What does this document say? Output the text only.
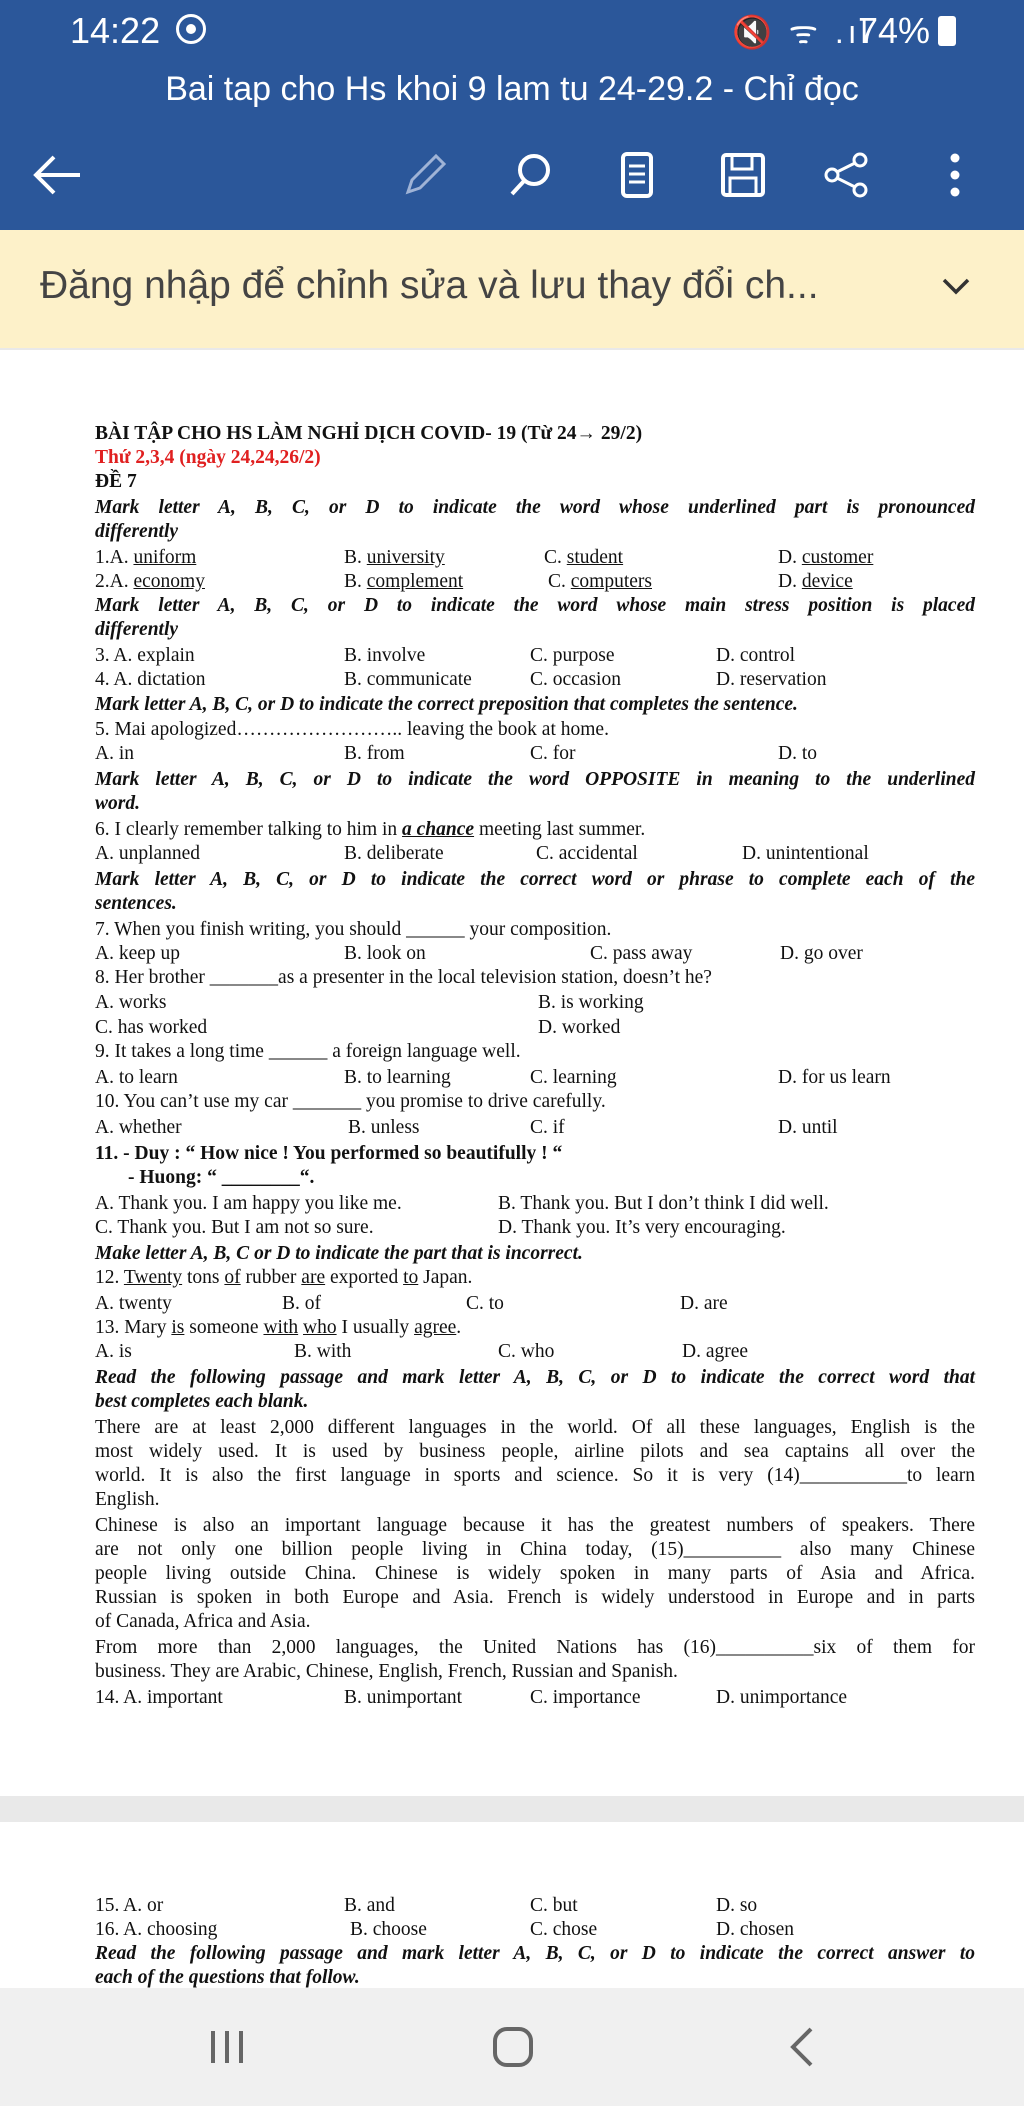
14:22	🔇 ᯤ .ıl
74%
Bai tap cho Hs khoi 9 lam tu 24-29.2 - Chỉ đọc
Đăng nhập để chỉnh sửa và lưu thay đổi ch...
BÀI TẬP CHO HS LÀM NGHỈ DỊCH COVID- 19 (Từ 24→ 29/2)
Thứ 2,3,4 (ngày 24,24,26/2)
ĐỀ 7
Mark letter A, B, C, or D to indicate the word whose underlined part is pronounced
differently
1.A. uniform	B. university	C. student	D. customer
2.A. economy	B. complement	C. computers	D. device
Mark letter A, B, C, or D to indicate the word whose main stress position is placed
differently
3. A. explain	B. involve	C. purpose	D. control
4. A. dictation	B. communicate	C. occasion	D. reservation
Mark letter A, B, C, or D to indicate the correct preposition that completes the sentence.
5. Mai apologized…………………….. leaving the book at home.
A. in	B. from	C. for	D. to
Mark letter A, B, C, or D to indicate the word OPPOSITE in meaning to the underlined
word.
6. I clearly remember talking to him in a chance meeting last summer.
A. unplanned	B. deliberate	C. accidental	D. unintentional
Mark letter A, B, C, or D to indicate the correct word or phrase to complete each of the
sentences.
7. When you finish writing, you should ______ your composition.
A. keep up	B. look on	C. pass away	D. go over
8. Her brother _______as a presenter in the local television station, doesn’t he?
A. works	B. is working
C. has worked	D. worked
9. It takes a long time ______ a foreign language well.
A. to learn	B. to learning	C. learning	D. for us learn
10. You can’t use my car _______ you promise to drive carefully.
A. whether	B. unless	C. if	D. until
11. - Duy : “ How nice ! You performed so beautifully ! “
- Huong: “ ________“.
A. Thank you. I am happy you like me.	B. Thank you. But I don’t think I did well.
C. Thank you. But I am not so sure.	D. Thank you. It’s very encouraging.
Make letter A, B, C or D to indicate the part that is incorrect.
12. Twenty tons of rubber are exported to Japan.
A. twenty	B. of	C. to	D. are
13. Mary is someone with who I usually agree.
A. is	B. with	C. who	D. agree
Read the following passage and mark letter A, B, C, or D to indicate the correct word that
best completes each blank.
There are at least 2,000 different languages in the world. Of all these languages, English is the
most widely used. It is used by business people, airline pilots and sea captains all over the
world. It is also the first language in sports and science. So it is very (14)___________to learn
English.
Chinese is also an important language because it has the greatest numbers of speakers. There
are not only one billion people living in China today, (15)__________ also many Chinese
people living outside China. Chinese is widely spoken in many parts of Asia and Africa.
Russian is spoken in both Europe and Asia. French is widely understood in Europe and in parts
of Canada, Africa and Asia.
From more than 2,000 languages, the United Nations has (16)__________six of them for
business. They are Arabic, Chinese, English, French, Russian and Spanish.
14. A. important	B. unimportant	C. importance	D. unimportance
15. A. or	B. and	C. but	D. so
16. A. choosing	B. choose	C. chose	D. chosen
Read the following passage and mark letter A, B, C, or D to indicate the correct answer to
each of the questions that follow.
